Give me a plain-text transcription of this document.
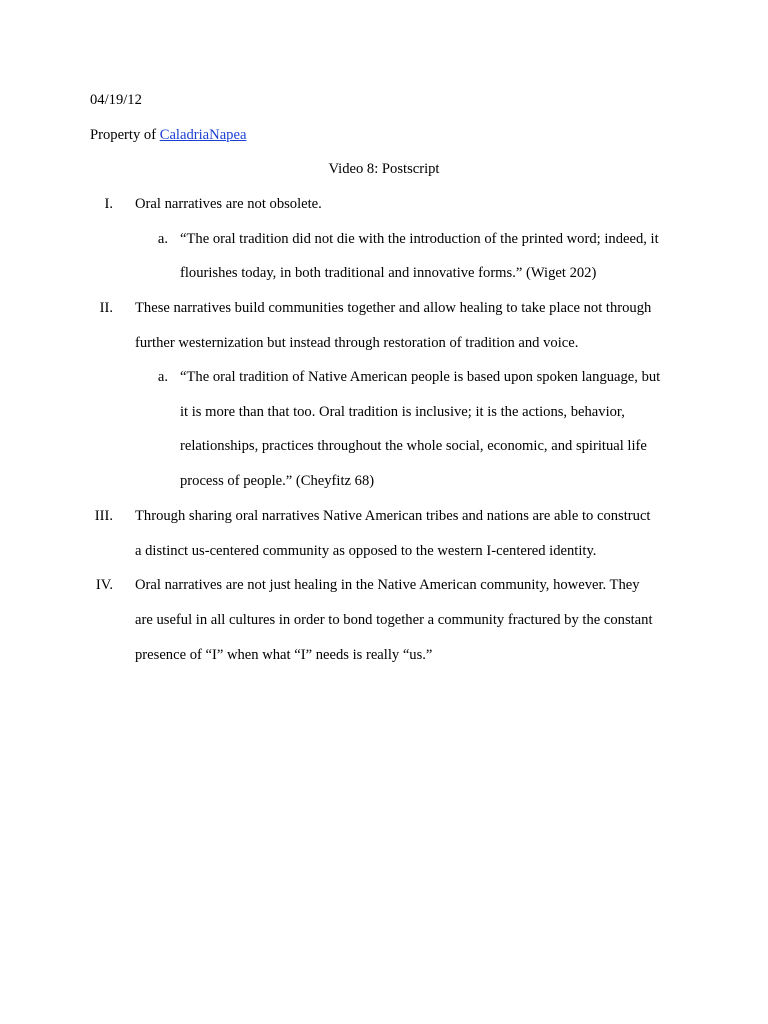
04/19/12
Property of CaladriaNapea
Video 8: Postscript
I. Oral narratives are not obsolete.
a. “The oral tradition did not die with the introduction of the printed word; indeed, it
flourishes today, in both traditional and innovative forms.” (Wiget 202)
II. These narratives build communities together and allow healing to take place not through
further westernization but instead through restoration of tradition and voice.
a. “The oral tradition of Native American people is based upon spoken language, but
it is more than that too. Oral tradition is inclusive; it is the actions, behavior,
relationships, practices throughout the whole social, economic, and spiritual life
process of people.” (Cheyfitz 68)
III. Through sharing oral narratives Native American tribes and nations are able to construct
a distinct us-centered community as opposed to the western I-centered identity.
IV. Oral narratives are not just healing in the Native American community, however. They
are useful in all cultures in order to bond together a community fractured by the constant
presence of “I” when what “I” needs is really “us.”
